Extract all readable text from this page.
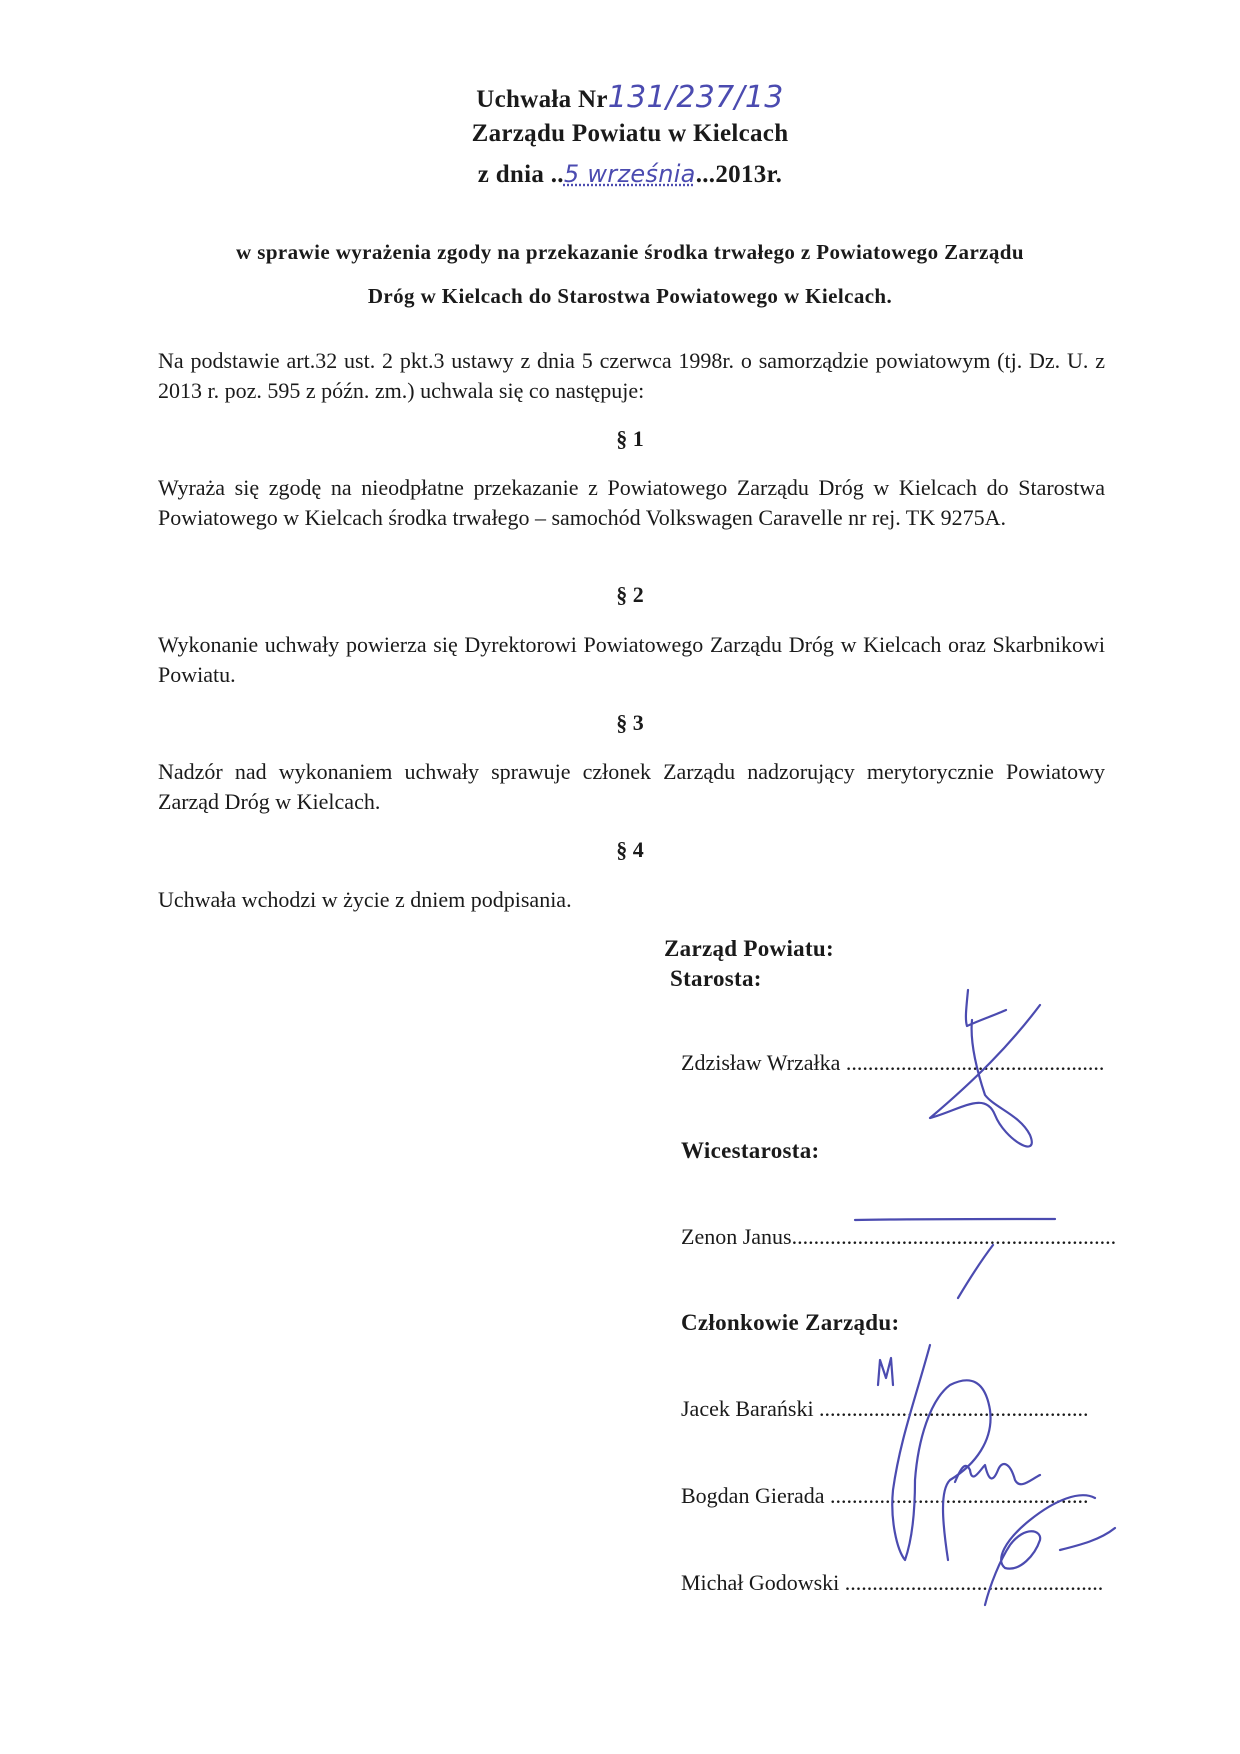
Uchwała Nr131/237/13
Zarządu Powiatu w Kielcach
z dnia ..5 września...2013r.
w sprawie wyrażenia zgody na przekazanie środka trwałego z Powiatowego Zarządu
Dróg w Kielcach do Starostwa Powiatowego w Kielcach.
Na podstawie art.32 ust. 2 pkt.3 ustawy z dnia 5 czerwca 1998r. o samorządzie powiatowym (tj. Dz. U. z 2013 r. poz. 595 z późn. zm.) uchwala się co następuje:
§ 1
Wyraża się zgodę na nieodpłatne przekazanie z Powiatowego Zarządu Dróg w Kielcach do Starostwa Powiatowego w Kielcach środka trwałego – samochód Volkswagen Caravelle nr rej. TK 9275A.
§ 2
Wykonanie uchwały powierza się Dyrektorowi Powiatowego Zarządu Dróg w Kielcach oraz Skarbnikowi Powiatu.
§ 3
Nadzór nad wykonaniem uchwały sprawuje członek Zarządu nadzorujący merytorycznie Powiatowy Zarząd Dróg w Kielcach.
§ 4
Uchwała wchodzi w życie z dniem podpisania.
Zarząd Powiatu:
Starosta:
Zdzisław Wrzałka ...............................................
Wicestarosta:
Zenon Janus...........................................................
Członkowie Zarządu:
Jacek Barański .................................................
Bogdan Gierada ...............................................
Michał Godowski ...............................................
